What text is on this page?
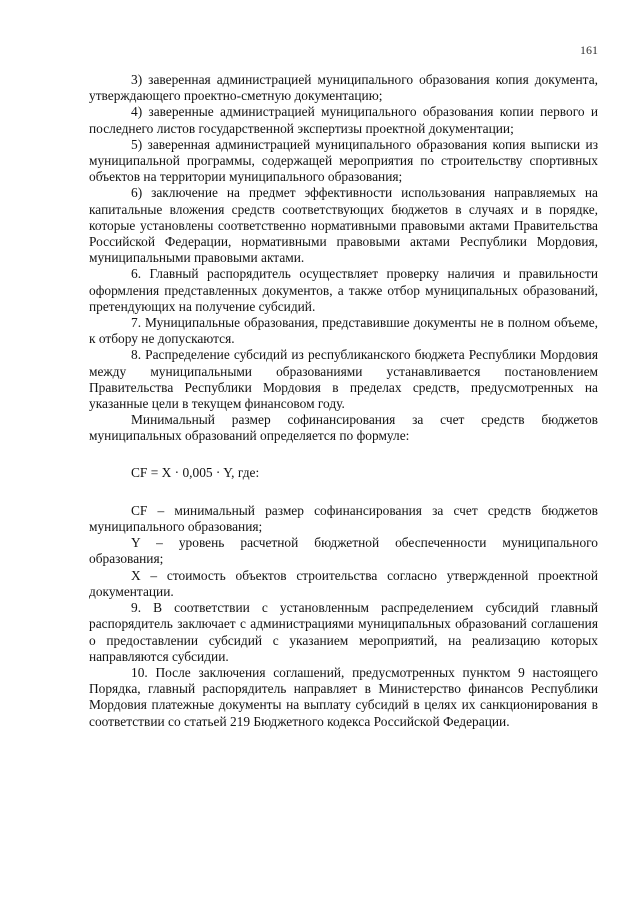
161

3) заверенная администрацией муниципального образования копия документа, утверждающего проектно-сметную документацию;

4) заверенные администрацией муниципального образования копии первого и последнего листов государственной экспертизы проектной документации;

5) заверенная администрацией муниципального образования копия выписки из муниципальной программы, содержащей мероприятия по строительству спортивных объектов на территории муниципального образования;

6) заключение на предмет эффективности использования направляемых на капитальные вложения средств соответствующих бюджетов в случаях и в порядке, которые установлены соответственно нормативными правовыми актами Правительства Российской Федерации, нормативными правовыми актами Республики Мордовия, муниципальными правовыми актами.

6. Главный распорядитель осуществляет проверку наличия и правильности оформления представленных документов, а также отбор муниципальных образований, претендующих на получение субсидий.

7. Муниципальные образования, представившие документы не в полном объеме, к отбору не допускаются.

8. Распределение субсидий из республиканского бюджета Республики Мордовия между муниципальными образованиями устанавливается постановлением Правительства Республики Мордовия в пределах средств, предусмотренных на указанные цели в текущем финансовом году.

Минимальный размер софинансирования за счет средств бюджетов муниципальных образований определяется по формуле:

CF = X · 0,005 · Y, где:

CF – минимальный размер софинансирования за счет средств бюджетов муниципального образования;

Y – уровень расчетной бюджетной обеспеченности муниципального образования;

X – стоимость объектов строительства согласно утвержденной проектной документации.

9. В соответствии с установленным распределением субсидий главный распорядитель заключает с администрациями муниципальных образований соглашения о предоставлении субсидий с указанием мероприятий, на реализацию которых направляются субсидии.

10. После заключения соглашений, предусмотренных пунктом 9 настоящего Порядка, главный распорядитель направляет в Министерство финансов Республики Мордовия платежные документы на выплату субсидий в целях их санкционирования в соответствии со статьей 219 Бюджетного кодекса Российской Федерации.
